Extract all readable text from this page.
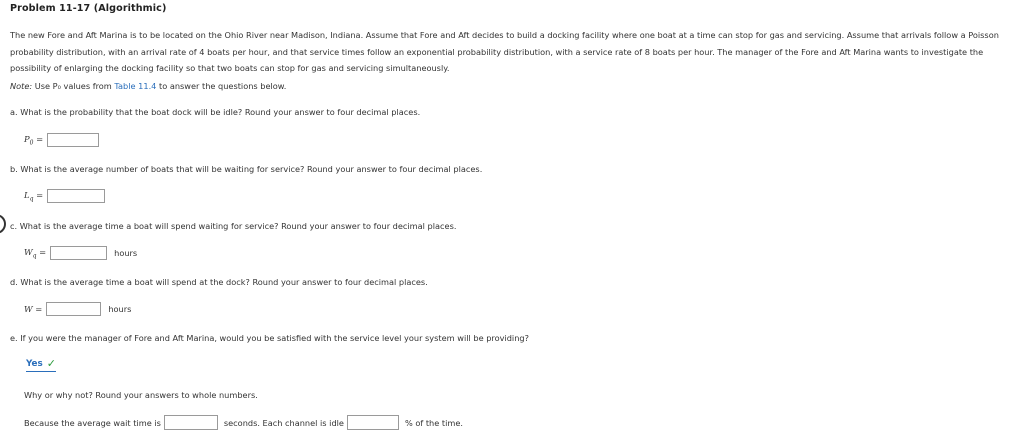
Problem 11-17 (Algorithmic)
The new Fore and Aft Marina is to be located on the Ohio River near Madison, Indiana. Assume that Fore and Aft decides to build a docking facility where one boat at a time can stop for gas and servicing. Assume that arrivals follow a Poisson probability distribution, with an arrival rate of 4 boats per hour, and that service times follow an exponential probability distribution, with a service rate of 8 boats per hour. The manager of the Fore and Aft Marina wants to investigate the possibility of enlarging the docking facility so that two boats can stop for gas and servicing simultaneously.
Note: Use P₀ values from Table 11.4 to answer the questions below.
a. What is the probability that the boat dock will be idle? Round your answer to four decimal places.
$P_0$ =
b. What is the average number of boats that will be waiting for service? Round your answer to four decimal places.
$L_q$ =
c. What is the average time a boat will spend waiting for service? Round your answer to four decimal places.
$W_q$ =	hours
d. What is the average time a boat will spend at the dock? Round your answer to four decimal places.
W =	hours
e. If you were the manager of Fore and Aft Marina, would you be satisfied with the service level your system will be providing?
Yes ✓
Why or why not? Round your answers to whole numbers.
Because the average wait time is	seconds. Each channel is idle	% of the time.
